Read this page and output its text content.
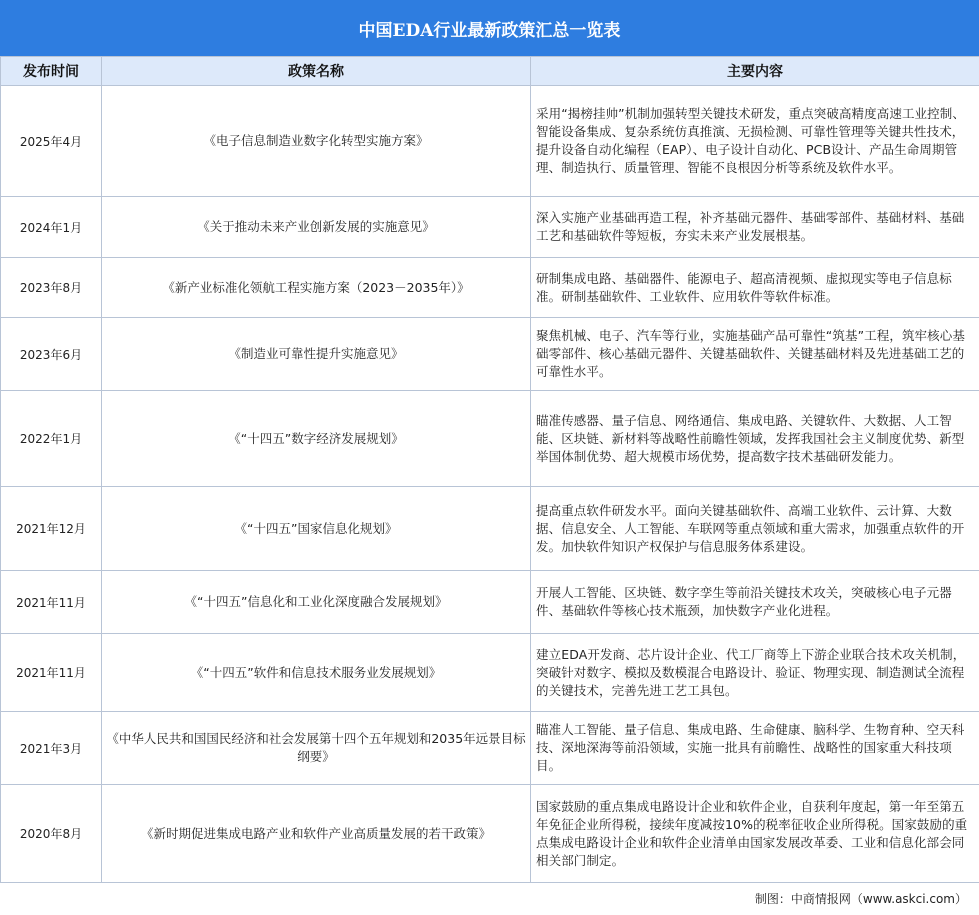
中国EDA行业最新政策汇总一览表
发布时间	政策名称	主要内容
2025年4月	《电子信息制造业数字化转型实施方案》	采用“揭榜挂帅”机制加强转型关键技术研发，重点突破高精度高速工业控制、智能设备集成、复杂系统仿真推演、无损检测、可靠性管理等关键共性技术，提升设备自动化编程（EAP）、电子设计自动化、PCB设计、产品生命周期管理、制造执行、质量管理、智能不良根因分析等系统及软件水平。
2024年1月	《关于推动未来产业创新发展的实施意见》	深入实施产业基础再造工程，补齐基础元器件、基础零部件、基础材料、基础工艺和基础软件等短板，夯实未来产业发展根基。
2023年8月	《新产业标准化领航工程实施方案（2023－2035年）》	研制集成电路、基础器件、能源电子、超高清视频、虚拟现实等电子信息标准。研制基础软件、工业软件、应用软件等软件标准。
2023年6月	《制造业可靠性提升实施意见》	聚焦机械、电子、汽车等行业，实施基础产品可靠性“筑基”工程，筑牢核心基础零部件、核心基础元器件、关键基础软件、关键基础材料及先进基础工艺的可靠性水平。
2022年1月	《“十四五”数字经济发展规划》	瞄准传感器、量子信息、网络通信、集成电路、关键软件、大数据、人工智能、区块链、新材料等战略性前瞻性领域，发挥我国社会主义制度优势、新型举国体制优势、超大规模市场优势，提高数字技术基础研发能力。
2021年12月	《“十四五”国家信息化规划》	提高重点软件研发水平。面向关键基础软件、高端工业软件、云计算、大数据、信息安全、人工智能、车联网等重点领域和重大需求，加强重点软件的开发。加快软件知识产权保护与信息服务体系建设。
2021年11月	《“十四五”信息化和工业化深度融合发展规划》	开展人工智能、区块链、数字孪生等前沿关键技术攻关，突破核心电子元器件、基础软件等核心技术瓶颈，加快数字产业化进程。
2021年11月	《“十四五”软件和信息技术服务业发展规划》	建立EDA开发商、芯片设计企业、代工厂商等上下游企业联合技术攻关机制，突破针对数字、模拟及数模混合电路设计、验证、物理实现、制造测试全流程的关键技术，完善先进工艺工具包。
2021年3月	《中华人民共和国国民经济和社会发展第十四个五年规划和2035年远景目标纲要》	瞄准人工智能、量子信息、集成电路、生命健康、脑科学、生物育种、空天科技、深地深海等前沿领域，实施一批具有前瞻性、战略性的国家重大科技项目。
2020年8月	《新时期促进集成电路产业和软件产业高质量发展的若干政策》	国家鼓励的重点集成电路设计企业和软件企业，自获利年度起，第一年至第五年免征企业所得税，接续年度减按10%的税率征收企业所得税。国家鼓励的重点集成电路设计企业和软件企业清单由国家发展改革委、工业和信息化部会同相关部门制定。
制图：中商情报网（www.askci.com）
